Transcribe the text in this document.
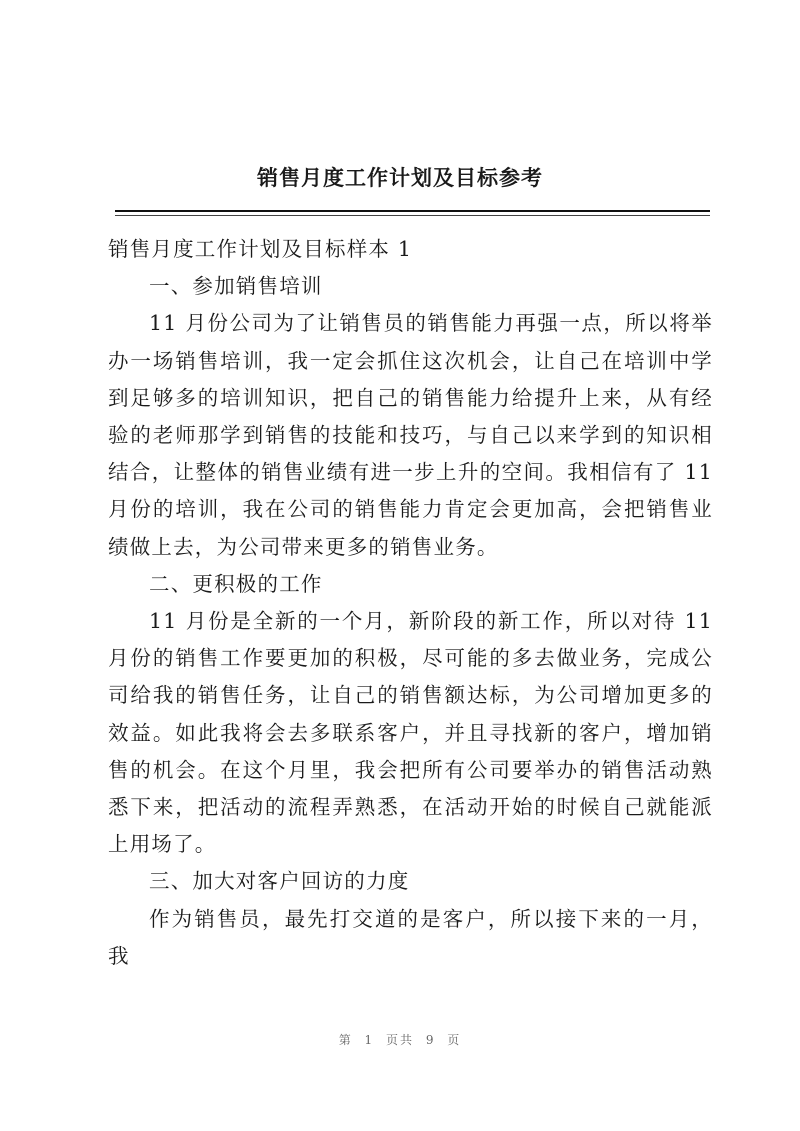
销售月度工作计划及目标参考

销售月度工作计划及目标样本 1

一、参加销售培训

11 月份公司为了让销售员的销售能力再强一点，所以将举办一场销售培训，我一定会抓住这次机会，让自己在培训中学到足够多的培训知识，把自己的销售能力给提升上来，从有经验的老师那学到销售的技能和技巧，与自己以来学到的知识相结合，让整体的销售业绩有进一步上升的空间。我相信有了 11 月份的培训，我在公司的销售能力肯定会更加高，会把销售业绩做上去，为公司带来更多的销售业务。

二、更积极的工作

11 月份是全新的一个月，新阶段的新工作，所以对待 11 月份的销售工作要更加的积极，尽可能的多去做业务，完成公司给我的销售任务，让自己的销售额达标，为公司增加更多的效益。如此我将会去多联系客户，并且寻找新的客户，增加销售的机会。在这个月里，我会把所有公司要举办的销售活动熟悉下来，把活动的流程弄熟悉，在活动开始的时候自己就能派上用场了。

三、加大对客户回访的力度

作为销售员，最先打交道的是客户，所以接下来的一月，我

第 1 页共 9 页
